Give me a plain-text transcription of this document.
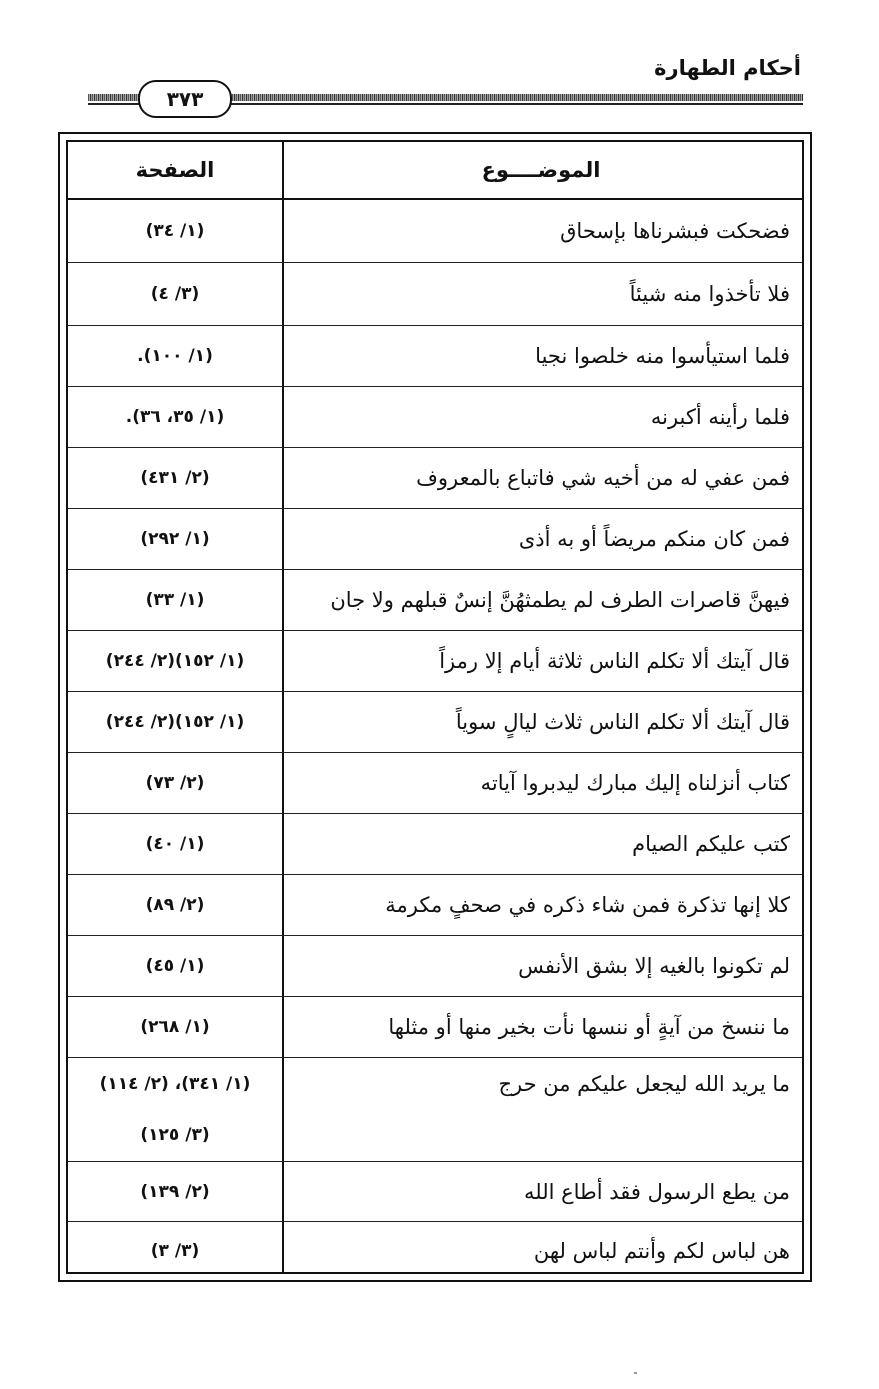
أحكام الطهارة
٣٧٣
الموضــــوع
الصفحة
فضحكت فبشرناها بإسحاق
(١/ ٣٤)
فلا تأخذوا منه شيئاً
(٣/ ٤)
فلما استيأسوا منه خلصوا نجيا
(١/ ١٠٠).
فلما رأينه أكبرنه
(١/ ٣٥، ٣٦).
فمن عفي له من أخيه شي فاتباع بالمعروف
(٢/ ٤٣١)
فمن كان منكم مريضاً أو به أذى
(١/ ٢٩٢)
فيهنَّ قاصرات الطرف لم يطمثهُنَّ إنسٌ قبلهم ولا جان
(١/ ٣٣)
قال آيتك ألا تكلم الناس ثلاثة أيام إلا رمزاً
(١/ ١٥٢)(٢/ ٢٤٤)
قال آيتك ألا تكلم الناس ثلاث ليالٍ سوياً
(١/ ١٥٢)(٢/ ٢٤٤)
كتاب أنزلناه إليك مبارك ليدبروا آياته
(٢/ ٧٣)
كتب عليكم الصيام
(١/ ٤٠)
كلا إنها تذكرة فمن شاء ذكره في صحفٍ مكرمة
(٢/ ٨٩)
لم تكونوا بالغيه إلا بشق الأنفس
(١/ ٤٥)
ما ننسخ من آيةٍ أو ننسها نأت بخير منها أو مثلها
(١/ ٢٦٨)
ما يريد الله ليجعل عليكم من حرج
(١/ ٣٤١)، (٢/ ١١٤)
(٣/ ١٢٥)
من يطع الرسول فقد أطاع الله
(٢/ ١٣٩)
هن لباس لكم وأنتم لباس لهن
(٣/ ٣)
